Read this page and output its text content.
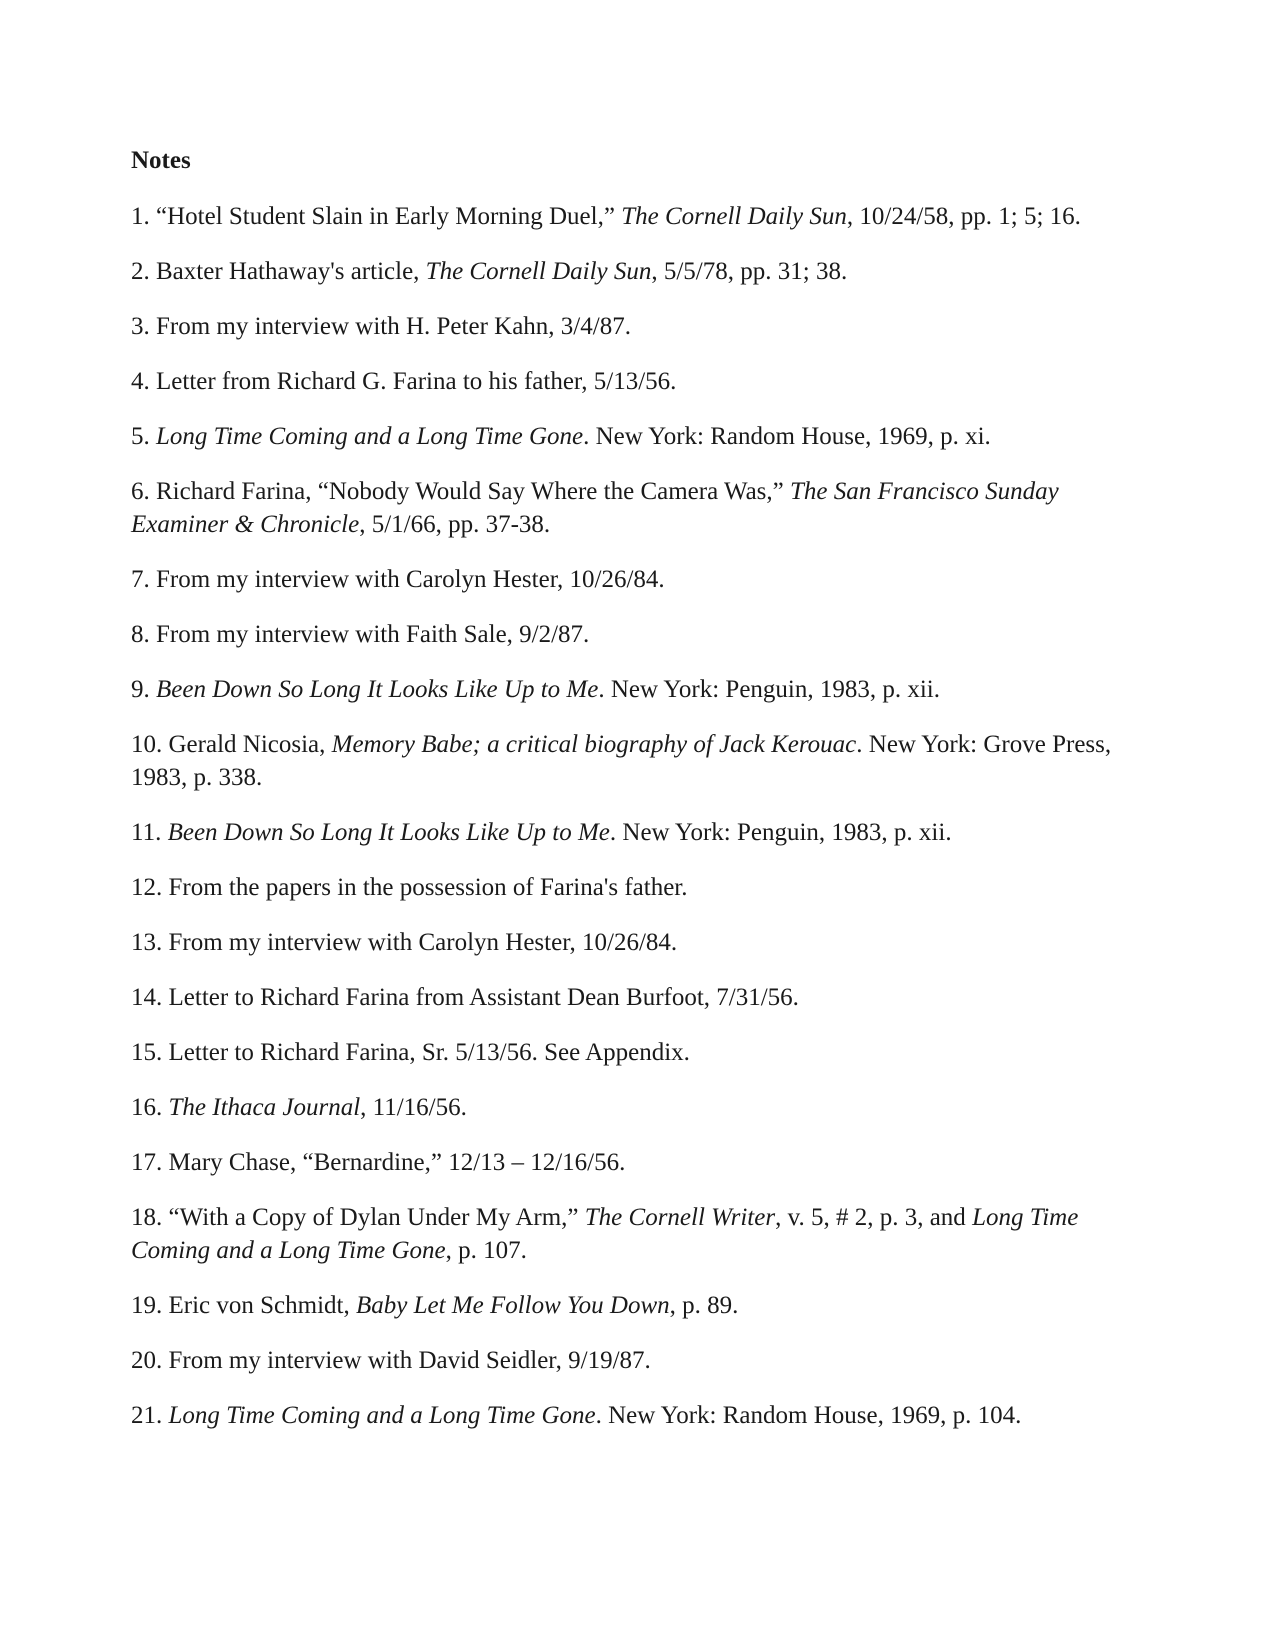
Notes

1. “Hotel Student Slain in Early Morning Duel,” The Cornell Daily Sun, 10/24/58, pp. 1; 5; 16.

2. Baxter Hathaway's article, The Cornell Daily Sun, 5/5/78, pp. 31; 38.

3. From my interview with H. Peter Kahn, 3/4/87.

4. Letter from Richard G. Farina to his father, 5/13/56.

5. Long Time Coming and a Long Time Gone. New York: Random House, 1969, p. xi.

6. Richard Farina, “Nobody Would Say Where the Camera Was,” The San Francisco Sunday Examiner & Chronicle, 5/1/66, pp. 37-38.

7. From my interview with Carolyn Hester, 10/26/84.

8. From my interview with Faith Sale, 9/2/87.

9. Been Down So Long It Looks Like Up to Me. New York: Penguin, 1983, p. xii.

10. Gerald Nicosia, Memory Babe; a critical biography of Jack Kerouac. New York: Grove Press, 1983, p. 338.

11. Been Down So Long It Looks Like Up to Me. New York: Penguin, 1983, p. xii.

12. From the papers in the possession of Farina's father.

13. From my interview with Carolyn Hester, 10/26/84.

14. Letter to Richard Farina from Assistant Dean Burfoot, 7/31/56.

15. Letter to Richard Farina, Sr. 5/13/56. See Appendix.

16. The Ithaca Journal, 11/16/56.

17. Mary Chase, “Bernardine,” 12/13 – 12/16/56.

18. “With a Copy of Dylan Under My Arm,” The Cornell Writer, v. 5, # 2, p. 3, and Long Time Coming and a Long Time Gone, p. 107.

19. Eric von Schmidt, Baby Let Me Follow You Down, p. 89.

20. From my interview with David Seidler, 9/19/87.

21. Long Time Coming and a Long Time Gone. New York: Random House, 1969, p. 104.
